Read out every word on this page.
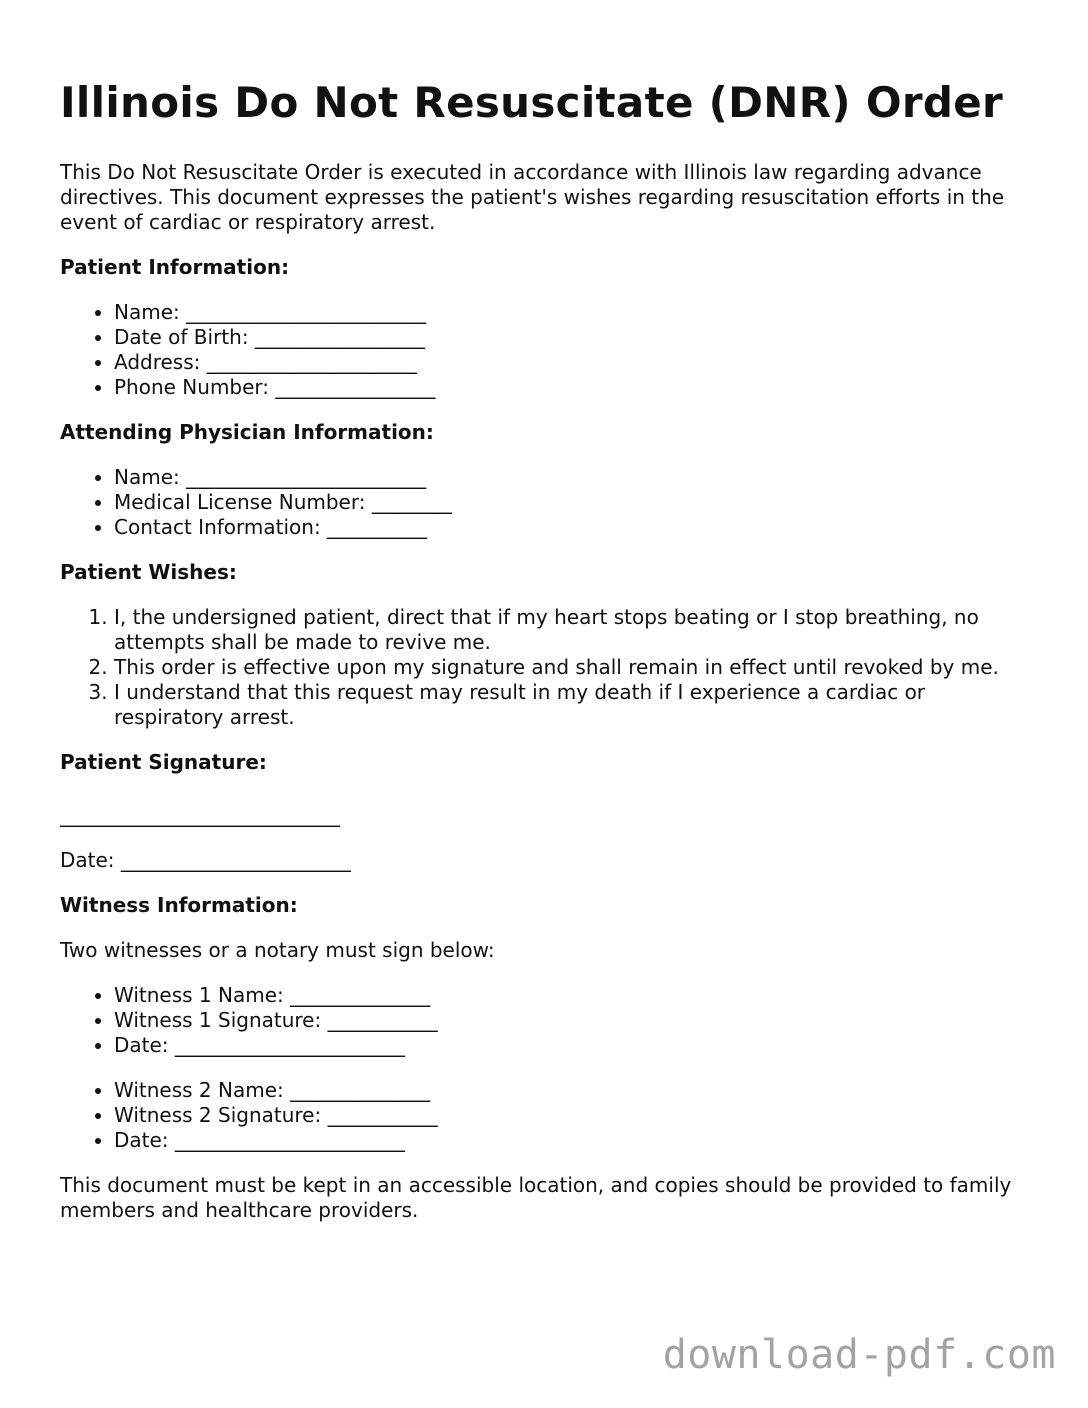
Illinois Do Not Resuscitate (DNR) Order

This Do Not Resuscitate Order is executed in accordance with Illinois law regarding advance directives. This document expresses the patient's wishes regarding resuscitation efforts in the event of cardiac or respiratory arrest.

Patient Information:
• Name: ________________________
• Date of Birth: _________________
• Address: _____________________
• Phone Number: ________________
Attending Physician Information:
• Name: ________________________
• Medical License Number: ________
• Contact Information: __________
Patient Wishes:
1. I, the undersigned patient, direct that if my heart stops beating or I stop breathing, no attempts shall be made to revive me.
2. This order is effective upon my signature and shall remain in effect until revoked by me.
3. I understand that this request may result in my death if I experience a cardiac or respiratory arrest.
Patient Signature:
____________________________
Date: _______________________
Witness Information:

Two witnesses or a notary must sign below:

• Witness 1 Name: ______________
• Witness 1 Signature: ___________
• Date: _______________________
• Witness 2 Name: ______________
• Witness 2 Signature: ___________
• Date: _______________________

This document must be kept in an accessible location, and copies should be provided to family members and healthcare providers.

download-pdf.com
